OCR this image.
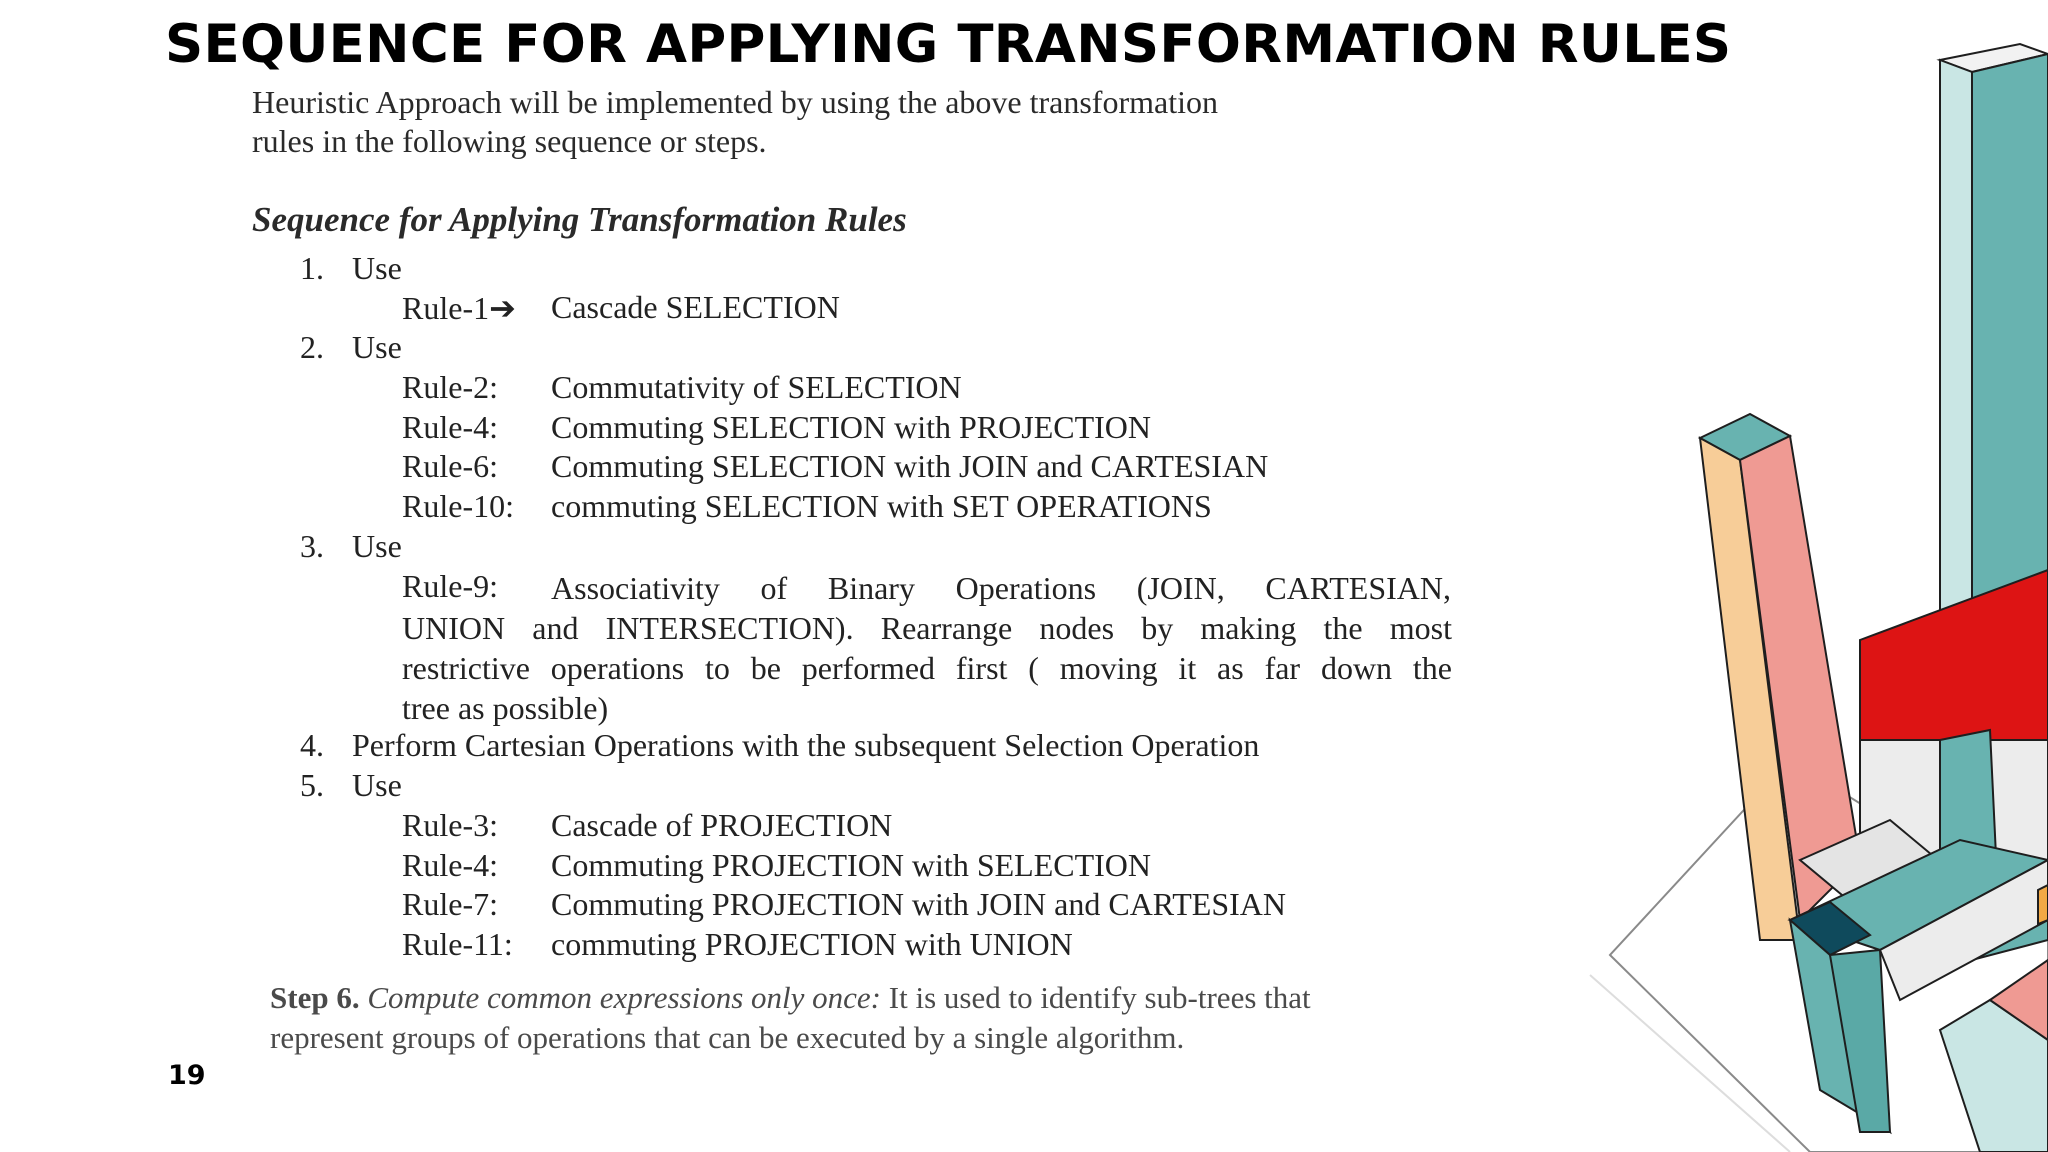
SEQUENCE FOR APPLYING TRANSFORMATION RULES
Heuristic Approach will be implemented by using the above transformation
rules in the following sequence or steps.
Sequence for Applying Transformation Rules
1. Use
Rule-1➔ Cascade SELECTION
2. Use
Rule-2: Commutativity of SELECTION
Rule-4: Commuting SELECTION with PROJECTION
Rule-6: Commuting SELECTION with JOIN and CARTESIAN
Rule-10: commuting SELECTION with SET OPERATIONS
3. Use
Rule-9: Associativity of Binary Operations (JOIN, CARTESIAN,
UNION and INTERSECTION). Rearrange nodes by making the most
restrictive operations to be performed first ( moving it as far down the
tree as possible)
4. Perform Cartesian Operations with the subsequent Selection Operation
5. Use
Rule-3: Cascade of PROJECTION
Rule-4: Commuting PROJECTION with SELECTION
Rule-7: Commuting PROJECTION with JOIN and CARTESIAN
Rule-11: commuting PROJECTION with UNION
Step 6. Compute common expressions only once: It is used to identify sub-trees that
represent groups of operations that can be executed by a single algorithm.
19
